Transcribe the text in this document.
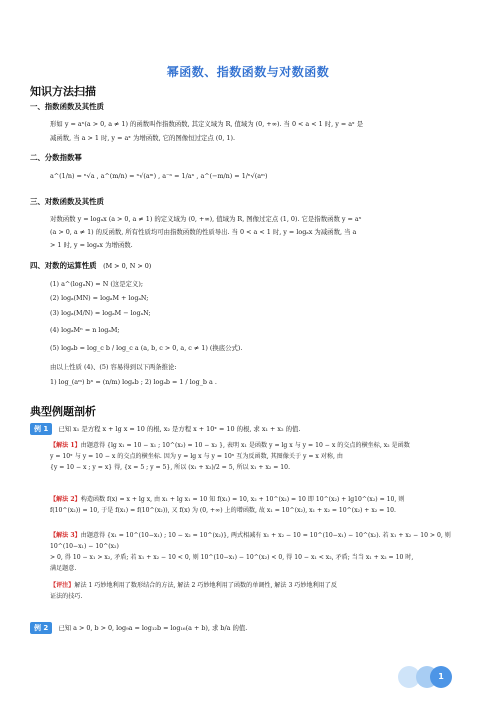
幂函数、指数函数与对数函数
知识方法扫描
一、指数函数及其性质
形如 y = aˣ(a > 0, a ≠ 1) 的函数叫作指数函数, 其定义域为 R, 值域为 (0, +∞). 当 0 < a < 1 时, y = aˣ 是
减函数, 当 a > 1 时, y = aˣ 为增函数, 它的图像恒过定点 (0, 1).
二、分数指数幂
a^(1/n) = ⁿ√a , a^(m/n) = ⁿ√(aᵐ) , a⁻ⁿ = 1/aⁿ , a^(−m/n) = 1/ⁿ√(aᵐ)
三、对数函数及其性质
对数函数 y = logₐx (a > 0, a ≠ 1) 的定义域为 (0, +∞), 值域为 R, 图像过定点 (1, 0). 它是指数函数 y = aˣ
(a > 0, a ≠ 1) 的反函数, 所有性质均可由指数函数的性质导出. 当 0 < a < 1 时, y = logₐx 为减函数, 当 a
> 1 时, y = logₐx 为增函数.
四、对数的运算性质 (M > 0, N > 0)
(1) a^(logₐN) = N (这是定义);
(2) logₐ(MN) = logₐM + logₐN;
(3) logₐ(M/N) = logₐM − logₐN;
(4) logₐMⁿ = n logₐM;
(5) logₐb = log_c b / log_c a (a, b, c > 0, a, c ≠ 1) (换底公式).
由以上性质 (4)、(5) 容易得到以下两条推论:
1) log_(aᵐ) bⁿ = (n/m) logₐb ; 2) logₐb = 1 / log_b a .
典型例题剖析
例 1 已知 x₁ 是方程 x + lg x = 10 的根, x₂ 是方程 x + 10ˣ = 10 的根, 求 x₁ + x₂ 的值.
【解法 1】由题意得 {lg x₁ = 10 − x₁ ; 10^(x₂) = 10 − x₂ }, 表明 x₁ 是函数 y = lg x 与 y = 10 − x 的交点的横坐标, x₂ 是函数
y = 10ˣ 与 y = 10 − x 的交点的横坐标. 因为 y = lg x 与 y = 10ˣ 互为反函数, 其图像关于 y = x 对称, 由
{y = 10 − x ; y = x} 得, {x = 5 ; y = 5}, 所以 (x₁ + x₂)/2 = 5, 所以 x₁ + x₂ = 10.
【解法 2】构造函数 f(x) = x + lg x, 由 x₁ + lg x₁ = 10 知 f(x₁) = 10, x₂ + 10^(x₂) = 10 即 10^(x₂) + lg10^(x₂) = 10, 则
f(10^(x₂)) = 10, 于是 f(x₁) = f(10^(x₂)), 又 f(x) 为 (0, +∞) 上的增函数, 故 x₁ = 10^(x₂), x₁ + x₂ = 10^(x₂) + x₂ = 10.
【解法 3】由题意得 {x₁ = 10^(10−x₁) ; 10 − x₂ = 10^(x₂)}, 两式相减有 x₁ + x₂ − 10 = 10^(10−x₁) − 10^(x₂). 若 x₁ + x₂ − 10 > 0, 则 10^(10−x₁) − 10^(x₂)
> 0, 得 10 − x₁ > x₂, 矛盾; 若 x₁ + x₂ − 10 < 0, 则 10^(10−x₁) − 10^(x₂) < 0, 得 10 − x₁ < x₂, 矛盾; 当当 x₁ + x₂ = 10 时,
满足题意.
【评注】解法 1 巧妙地利用了数形结合的方法, 解法 2 巧妙地利用了函数的单调性, 解法 3 巧妙地利用了反
证法的技巧.
例 2 已知 a > 0, b > 0, log₉a = log₁₂b = log₁₆(a + b), 求 b/a 的值.
1
